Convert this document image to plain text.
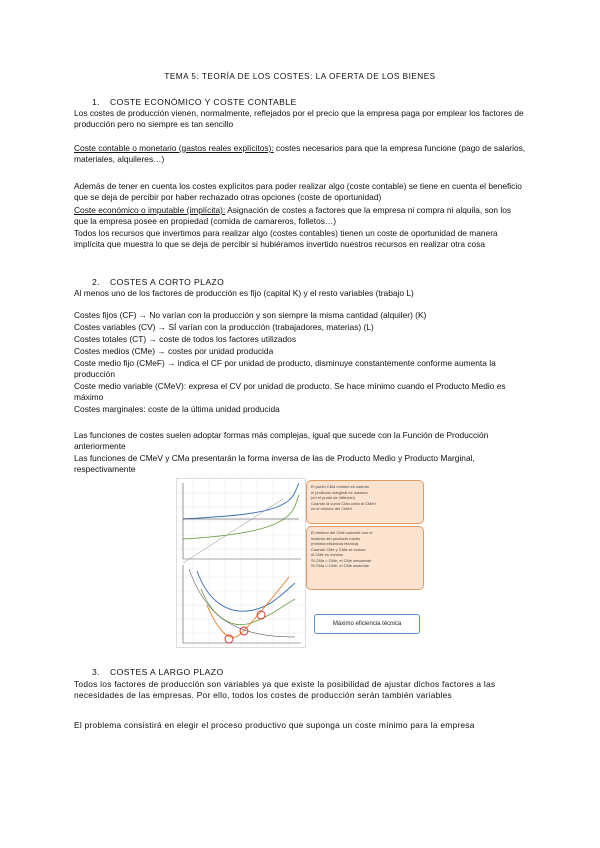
TEMA 5: TEORÍA DE LOS COSTES: LA OFERTA DE LOS BIENES
1. COSTE ECONÓMICO Y COSTE CONTABLE

Los costes de producción vienen, normalmente, reflejados por el precio que la empresa paga por emplear los factores de producción pero no siempre es tan sencillo

Coste contable o monetario (gastos reales explícitos): costes necesarios para que la empresa funcione (pago de salarios, materiales, alquileres…)

Además de tener en cuenta los costes explícitos para poder realizar algo (coste contable) se tiene en cuenta el beneficio que se deja de percibir por haber rechazado otras opciones (coste de oportunidad)

Coste económico o imputable (implícita): Asignación de costes a factores que la empresa ni compra ni alquila, son los que la empresa posee en propiedad (comida de camareros, folletos…)

Todos los recursos que invertimos para realizar algo (costes contables) tienen un coste de oportunidad de manera implícita que muestra lo que se deja de percibir si hubiéramos invertido nuestros recursos en realizar otra cosa

2. COSTES A CORTO PLAZO

Al menos uno de los factores de producción es fijo (capital K) y el resto variables (trabajo L)

Costes fijos (CF) → No varían con la producción y son siempre la misma cantidad (alquiler) (K)

Costes variables (CV) → SÍ varían con la producción (trabajadores, materias) (L)

Costes totales (CT) → coste de todos los factores utilizados

Costes medios (CMe) → costes por unidad producida

Coste medio fijo (CMeF) → indica el CF por unidad de producto, disminuye constantemente conforme aumenta la producción

Coste medio variable (CMeV): expresa el CV por unidad de producto. Se hace mínimo cuando el Producto Medio es máximo

Costes marginales: coste de la última unidad producida

Las funciones de costes suelen adoptar formas más complejas, igual que sucede con la Función de Producción anteriormente

Las funciones de CMeV y CMa presentarán la forma inversa de las de Producto Medio y Producto Marginal, respectivamente

El punto CMa mínimo es cuando
el producto marginal es máximo
(en el punto de inflexión)
Cuando la curva CMa corta al CMeV
es el mínimo del CMeV
El mínimo del CMe coincide con el
máximo del producto medio
(mínima eficiencia técnica)
Cuando CMe y CMa se cortan:
el CMe es mínimo
Si CMa < CMe, el CMe desciende
Si CMa > CMe, el CMe asciende
Máximo eficiencia técnica
3. COSTES A LARGO PLAZO

Todos los factores de producción son variables ya que existe la posibilidad de ajustar dichos factores a las necesidades de las empresas. Por ello, todos los costes de producción serán también variables

El problema consistirá en elegir el proceso productivo que suponga un coste mínimo para la empresa
